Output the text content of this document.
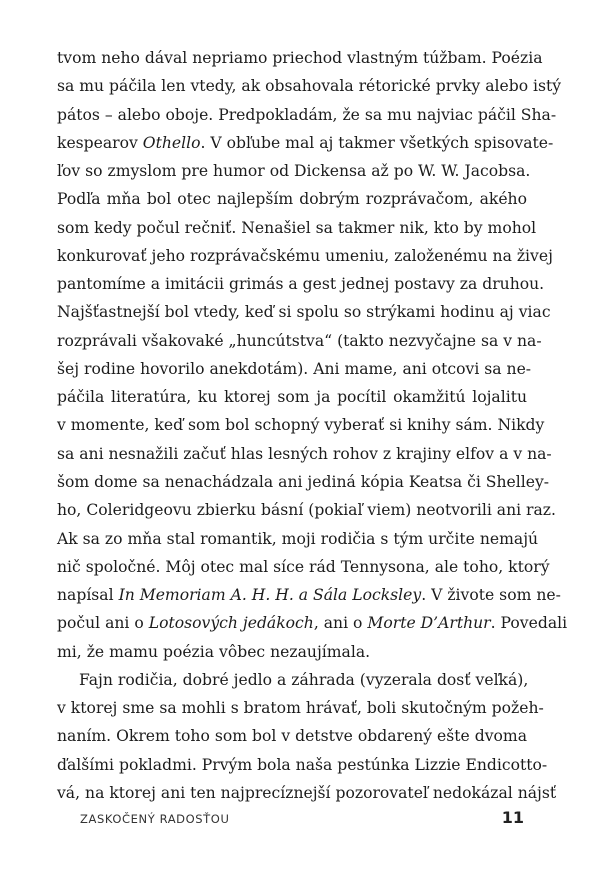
tvom neho dával nepriamo priechod vlastným túžbam. Poézia
sa mu páčila len vtedy, ak obsahovala rétorické prvky alebo istý
pátos – alebo oboje. Predpokladám, že sa mu najviac páčil Sha-
kespearov Othello. V obľube mal aj takmer všetkých spisovate-
ľov so zmyslom pre humor od Dickensa až po W. W. Jacobsa.
Podľa mňa bol otec najlepším dobrým rozprávačom, akého
som kedy počul rečniť. Nenašiel sa takmer nik, kto by mohol
konkurovať jeho rozprávačskému umeniu, založenému na živej
pantomíme a imitácii grimás a gest jednej postavy za druhou.
Najšťastnejší bol vtedy, keď si spolu so strýkami hodinu aj viac
rozprávali všakovaké „huncútstva“ (takto nezvyčajne sa v na-
šej rodine hovorilo anekdotám). Ani mame, ani otcovi sa ne-
páčila literatúra, ku ktorej som ja pocítil okamžitú lojalitu
v momente, keď som bol schopný vyberať si knihy sám. Nikdy
sa ani nesnažili začuť hlas lesných rohov z krajiny elfov a v na-
šom dome sa nenachádzala ani jediná kópia Keatsa či Shelley-
ho, Coleridgeovu zbierku básní (pokiaľ viem) neotvorili ani raz.
Ak sa zo mňa stal romantik, moji rodičia s tým určite nemajú
nič spoločné. Môj otec mal síce rád Tennysona, ale toho, ktorý
napísal In Memoriam A. H. H. a Sála Locksley. V živote som ne-
počul ani o Lotosových jedákoch, ani o Morte D’Arthur. Povedali
mi, že mamu poézia vôbec nezaujímala.
Fajn rodičia, dobré jedlo a záhrada (vyzerala dosť veľká),
v ktorej sme sa mohli s bratom hrávať, boli skutočným požeh-
naním. Okrem toho som bol v detstve obdarený ešte dvoma
ďalšími pokladmi. Prvým bola naša pestúnka Lizzie Endicotto-
vá, na ktorej ani ten najprecíznejší pozorovateľ nedokázal nájsť
ZASKOČENÝ RADOSŤOU	11
